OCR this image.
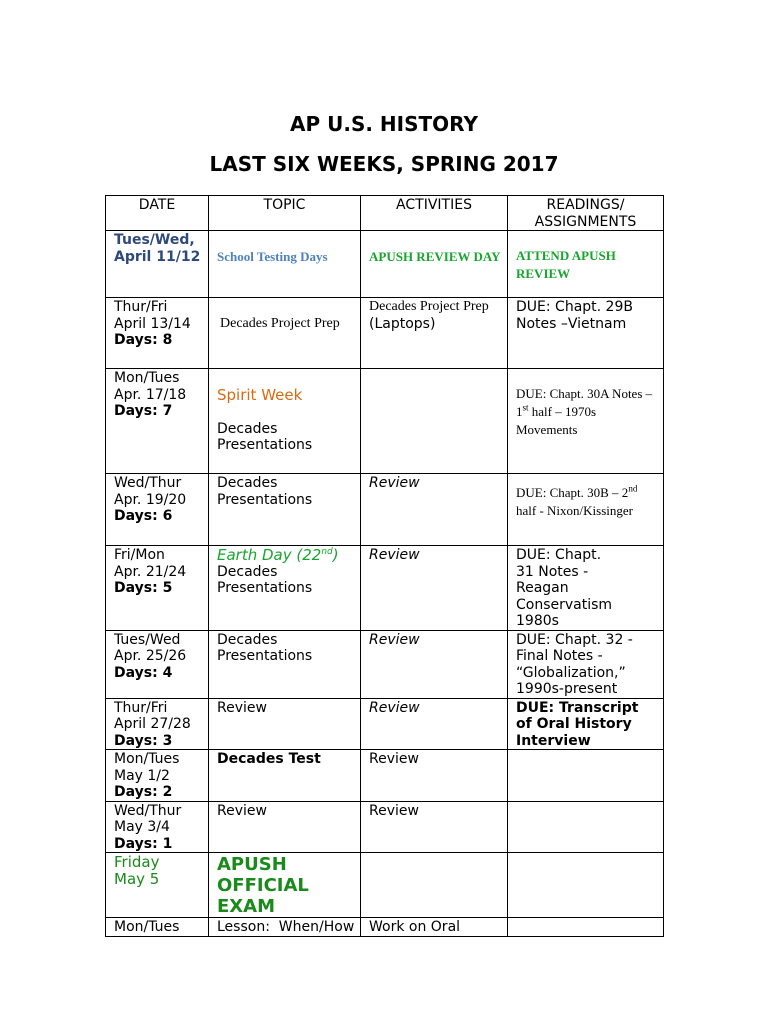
AP U.S. HISTORY
LAST SIX WEEKS, SPRING 2017
DATE	TOPIC	ACTIVITIES	READINGS/
ASSIGNMENTS

Tues/Wed,
April 11/12	School Testing Days	APUSH REVIEW DAY	ATTEND APUSH REVIEW

Thur/Fri
April 13/14
Days: 8	Decades Project Prep	Decades Project Prep
(Laptops)	DUE: Chapt. 29B Notes –Vietnam

Mon/Tues
Apr. 17/18
Days: 7	Spirit Week
Decades Presentations		DUE: Chapt. 30A Notes – 1st half – 1970s Movements

Wed/Thur
Apr. 19/20
Days: 6	Decades Presentations	Review	DUE: Chapt. 30B – 2nd half - Nixon/Kissinger

Fri/Mon
Apr. 21/24
Days: 5	Earth Day (22nd)
Decades Presentations	Review	DUE: Chapt. 31 Notes - Reagan Conservatism 1980s

Tues/Wed
Apr. 25/26
Days: 4	Decades Presentations	Review	DUE: Chapt. 32 -Final Notes - “Globalization,” 1990s-present

Thur/Fri
April 27/28
Days: 3	Review	Review	DUE: Transcript of Oral History Interview

Mon/Tues
May 1/2
Days: 2	Decades Test	Review	

Wed/Thur
May 3/4
Days: 1	Review	Review	

Friday
May 5	APUSH OFFICIAL EXAM		

Mon/Tues	Lesson:  When/How	Work on Oral	
